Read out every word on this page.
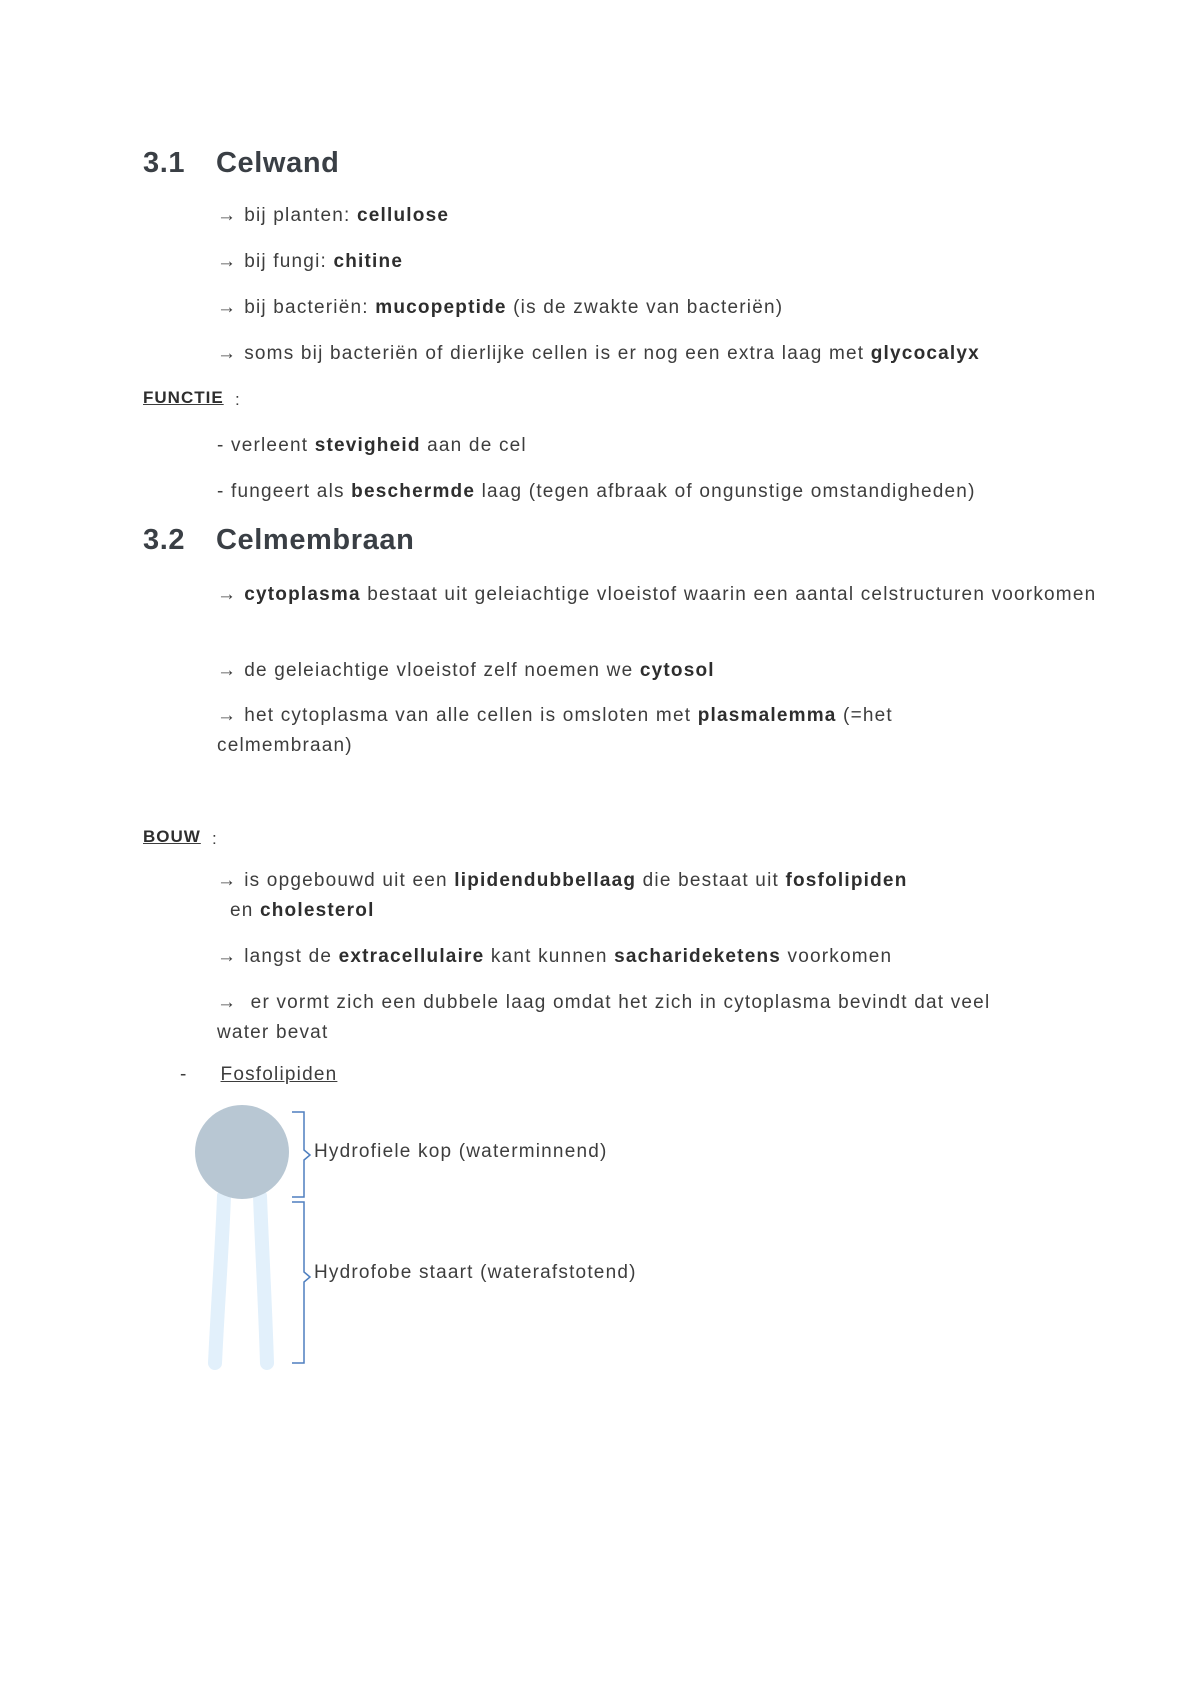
3.1 Celwand
→ bij planten: cellulose
→ bij fungi: chitine
→ bij bacteriën: mucopeptide (is de zwakte van bacteriën)
→ soms bij bacteriën of dierlijke cellen is er nog een extra laag met glycocalyx
FUNCTIE :
- verleent stevigheid aan de cel
- fungeert als beschermde laag (tegen afbraak of ongunstige omstandigheden)
3.2 Celmembraan
→ cytoplasma bestaat uit geleiachtige vloeistof waarin een aantal celstructuren voorkomen
→ de geleiachtige vloeistof zelf noemen we cytosol
→ het cytoplasma van alle cellen is omsloten met plasmalemma (=het celmembraan)
BOUW :
→ is opgebouwd uit een lipidendubbellaag die bestaat uit fosfolipiden  en cholesterol
→ langst de extracellulaire kant kunnen sacharideketens voorkomen
→ er vormt zich een dubbele laag omdat het zich in cytoplasma bevindt dat veel water bevat
- Fosfolipiden
Hydrofiele kop (waterminnend)
Hydrofobe staart (waterafstotend)
